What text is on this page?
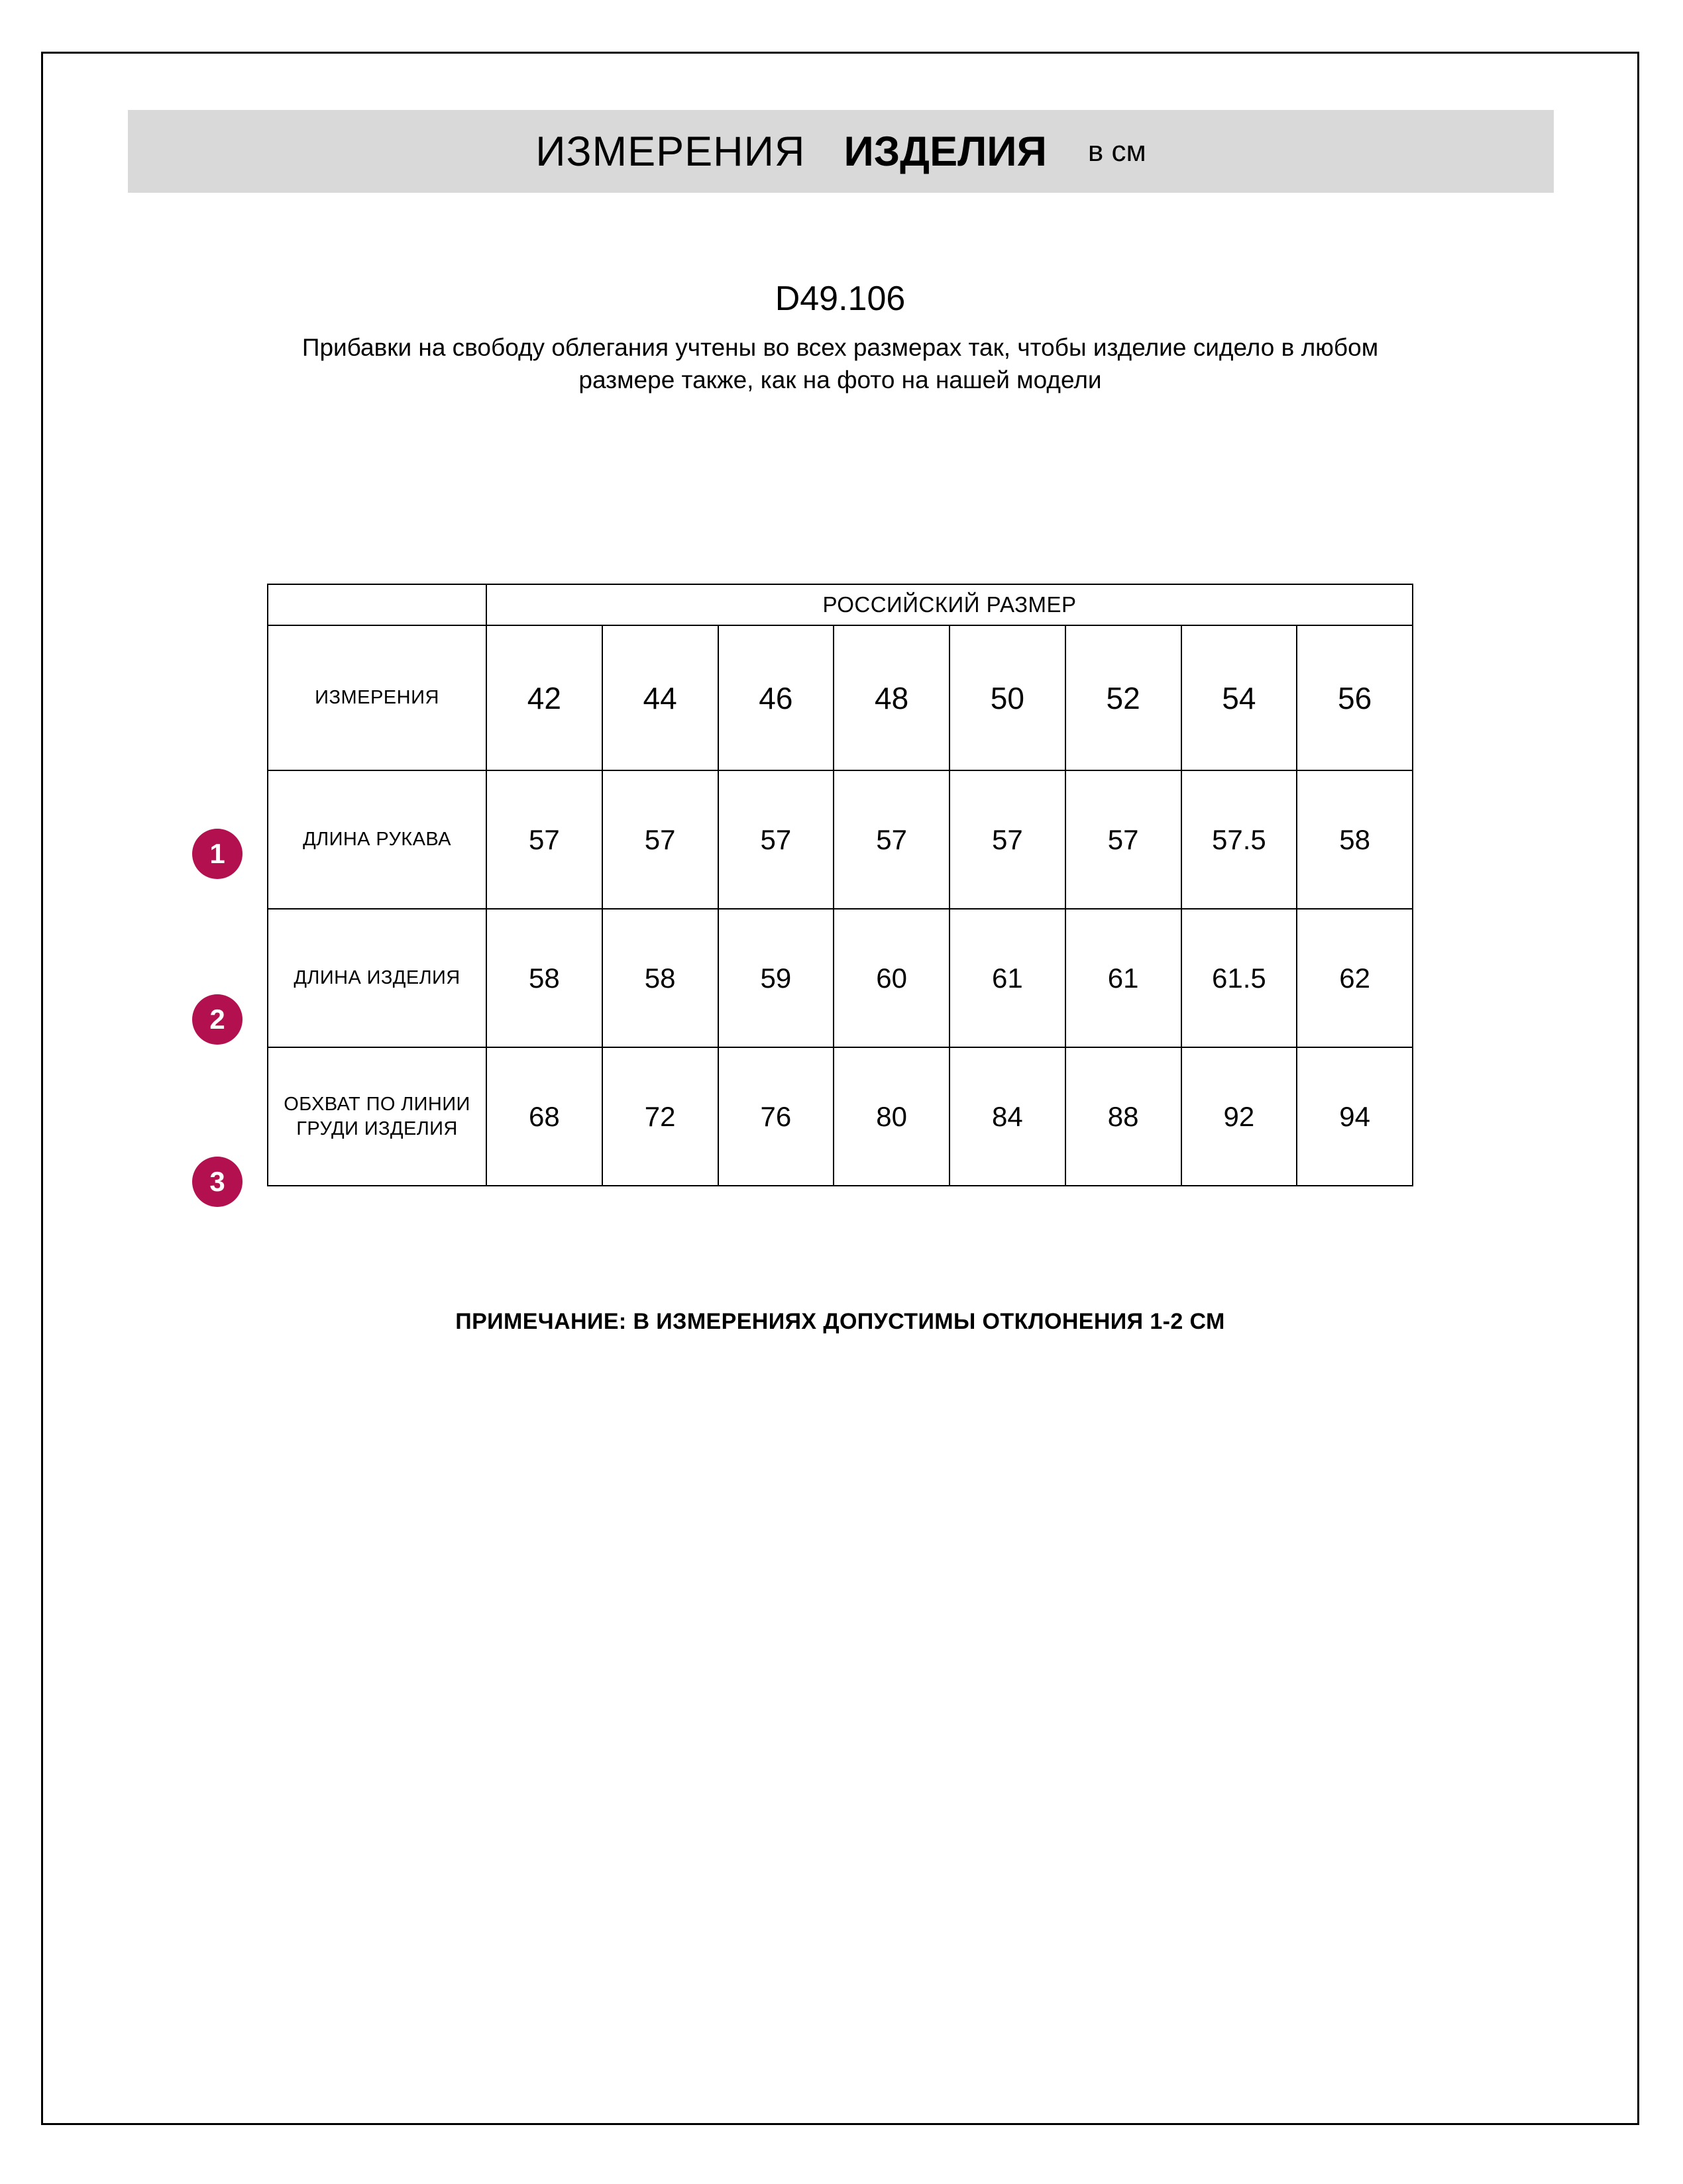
ИЗМЕРЕНИЯ ИЗДЕЛИЯ в см
D49.106
Прибавки на свободу облегания учтены во всех размерах так, чтобы изделие сидело в любом размере также, как на фото на нашей модели
	РОССИЙСКИЙ РАЗМЕР							
ИЗМЕРЕНИЯ	42	44	46	48	50	52	54	56
ДЛИНА РУКАВА	57	57	57	57	57	57	57.5	58
ДЛИНА ИЗДЕЛИЯ	58	58	59	60	61	61	61.5	62
ОБХВАТ ПО ЛИНИИ ГРУДИ ИЗДЕЛИЯ	68	72	76	80	84	88	92	94
1
2
3
ПРИМЕЧАНИЕ: В ИЗМЕРЕНИЯХ ДОПУСТИМЫ ОТКЛОНЕНИЯ 1-2 СМ
